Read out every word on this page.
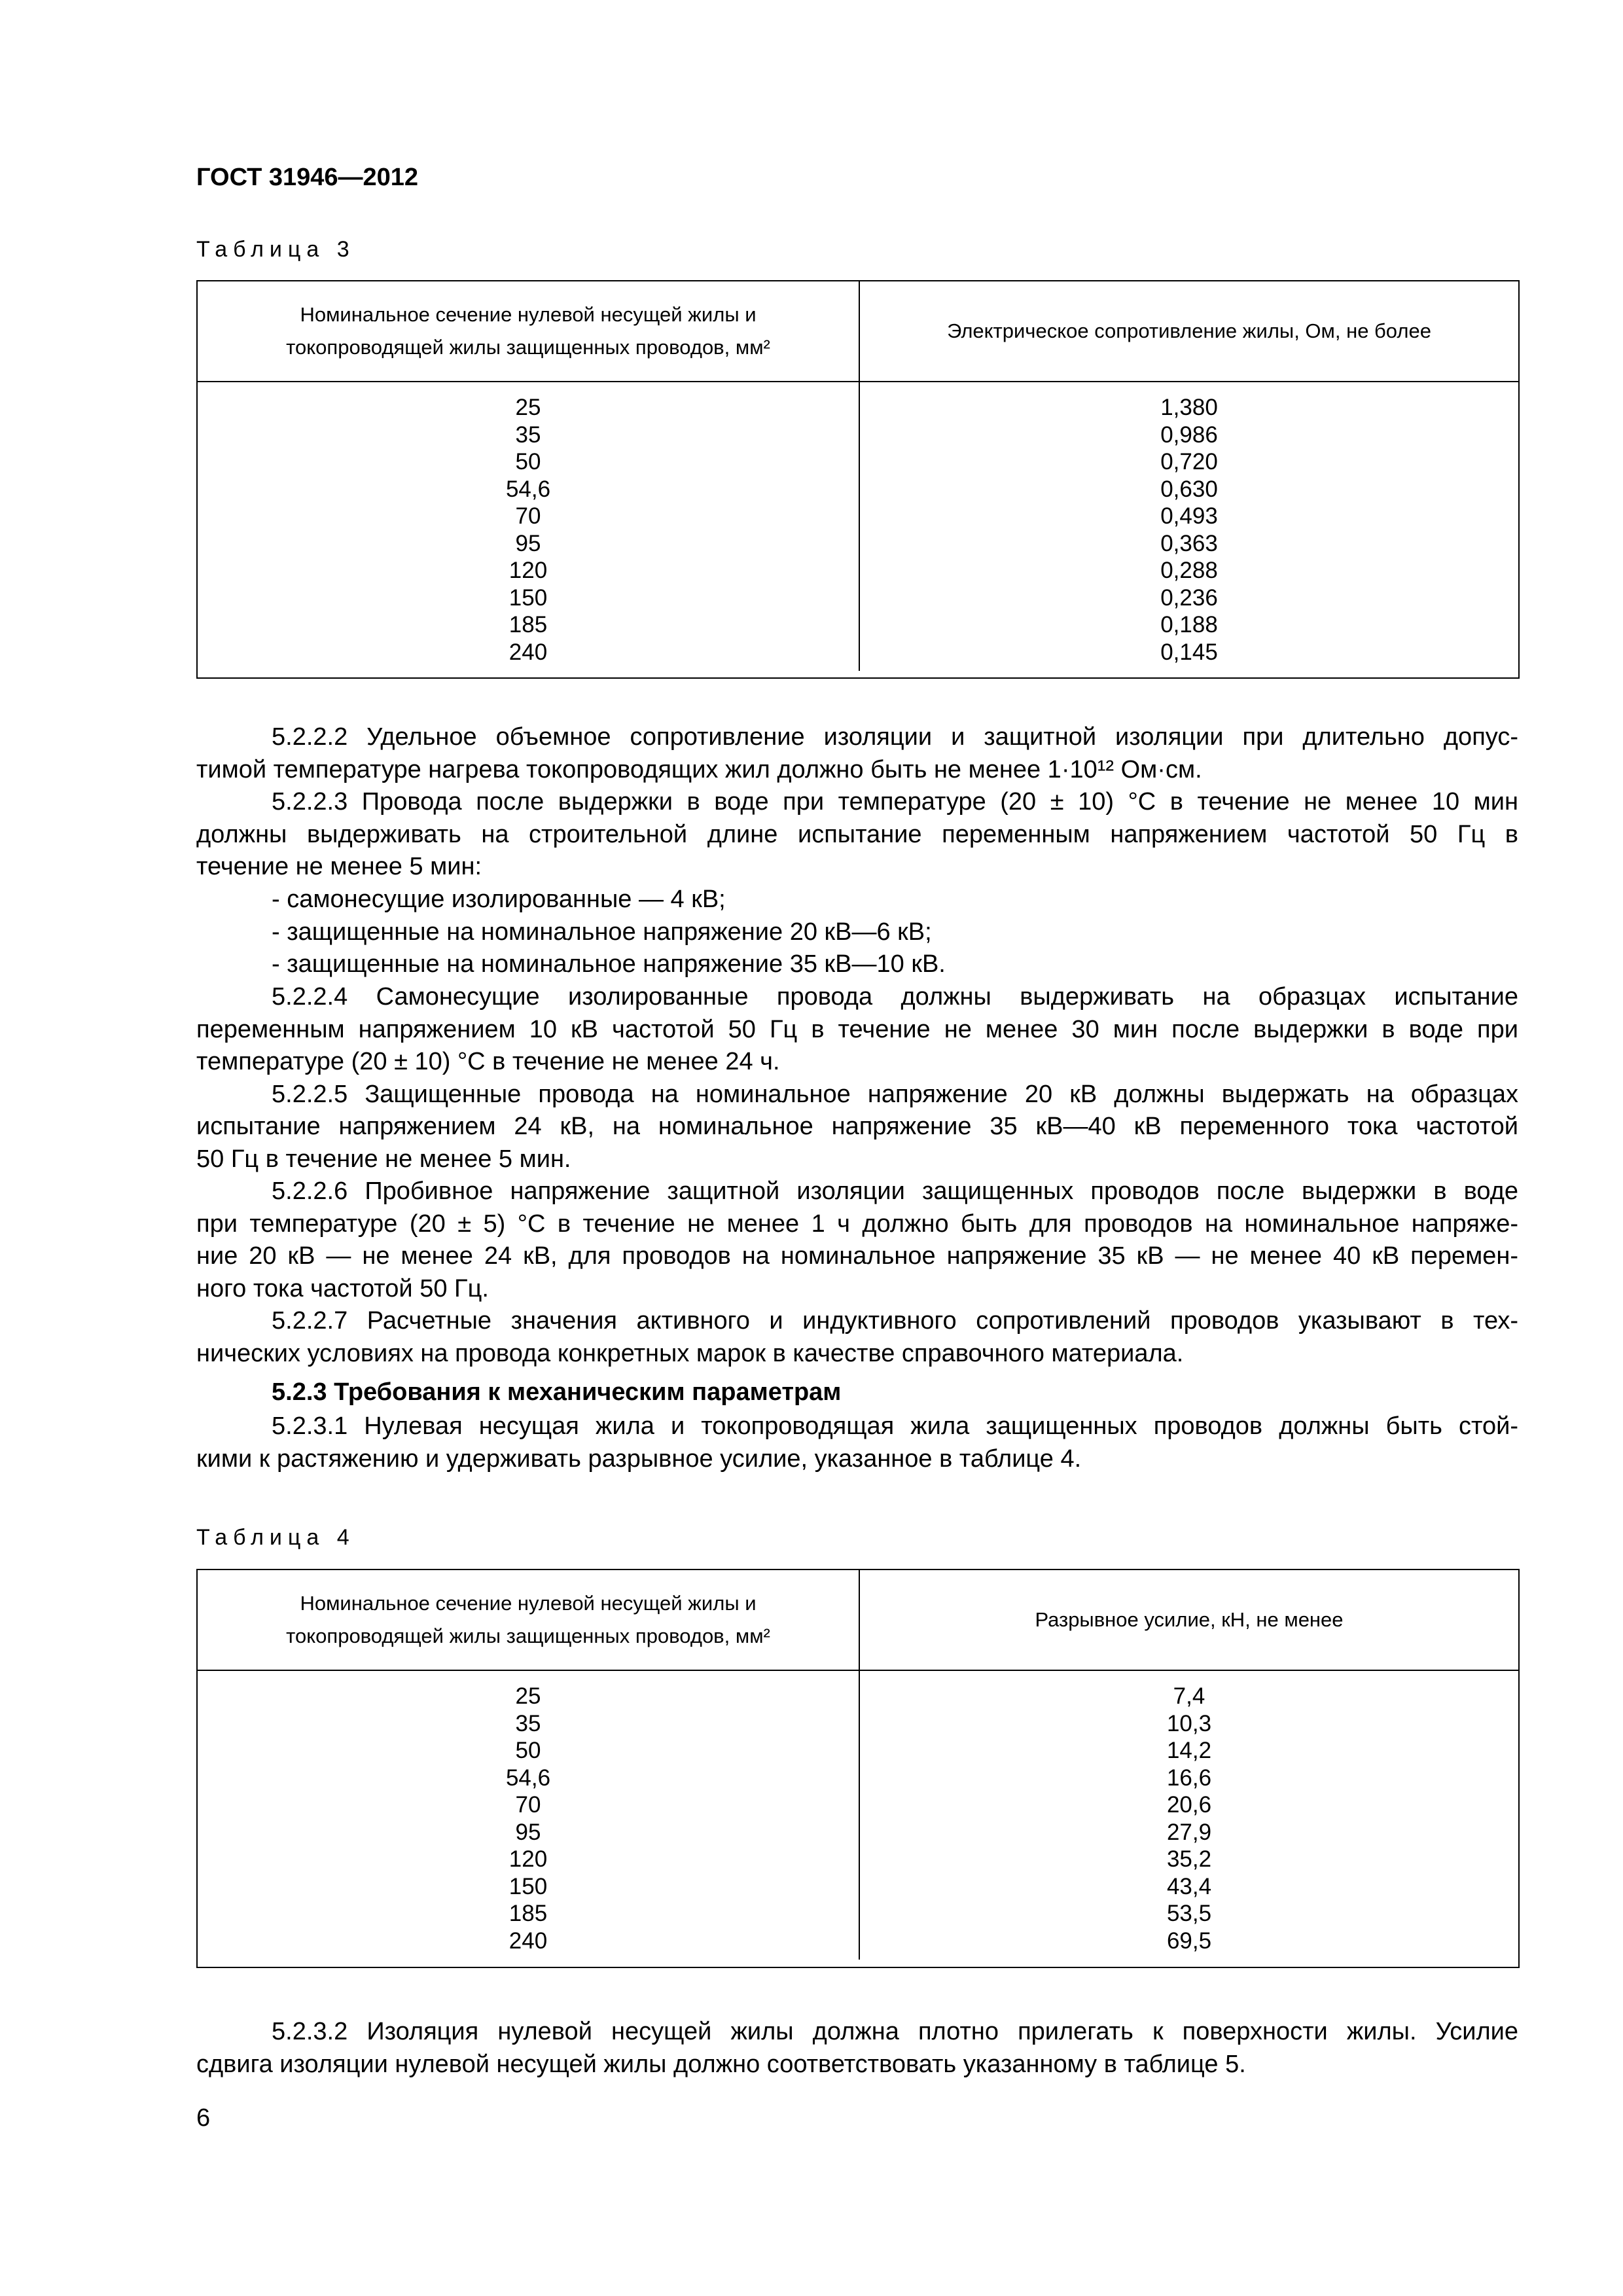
ГОСТ 31946—2012
Таблица 3
Номинальное сечение нулевой несущей жилы и
токопроводящей жилы защищенных проводов, мм²
Электрическое сопротивление жилы, Ом, не более
25
35
50
54,6
70
95
120
150
185
240
1,380
0,986
0,720
0,630
0,493
0,363
0,288
0,236
0,188
0,145
5.2.2.2 Удельное объемное сопротивление изоляции и защитной изоляции при длительно допус-
тимой температуре нагрева токопроводящих жил должно быть не менее 1·10¹² Ом·см.
5.2.2.3 Провода после выдержки в воде при температуре (20 ± 10) °С в течение не менее 10 мин
должны выдерживать на строительной длине испытание переменным напряжением частотой 50 Гц в
течение не менее 5 мин:
- самонесущие изолированные — 4 кВ;
- защищенные на номинальное напряжение 20 кВ—6 кВ;
- защищенные на номинальное напряжение 35 кВ—10 кВ.
5.2.2.4 Самонесущие изолированные провода должны выдерживать на образцах испытание
переменным напряжением 10 кВ частотой 50 Гц в течение не менее 30 мин после выдержки в воде при
температуре (20 ± 10) °С в течение не менее 24 ч.
5.2.2.5 Защищенные провода на номинальное напряжение 20 кВ должны выдержать на образцах
испытание напряжением 24 кВ, на номинальное напряжение 35 кВ—40 кВ переменного тока частотой
50 Гц в течение не менее 5 мин.
5.2.2.6 Пробивное напряжение защитной изоляции защищенных проводов после выдержки в воде
при температуре (20 ± 5) °С в течение не менее 1 ч должно быть для проводов на номинальное напряже-
ние 20 кВ — не менее 24 кВ, для проводов на номинальное напряжение 35 кВ — не менее 40 кВ перемен-
ного тока частотой 50 Гц.
5.2.2.7 Расчетные значения активного и индуктивного сопротивлений проводов указывают в тех-
нических условиях на провода конкретных марок в качестве справочного материала.
5.2.3 Требования к механическим параметрам
5.2.3.1 Нулевая несущая жила и токопроводящая жила защищенных проводов должны быть стой-
кими к растяжению и удерживать разрывное усилие, указанное в таблице 4.
Таблица 4
Номинальное сечение нулевой несущей жилы и
токопроводящей жилы защищенных проводов, мм²
Разрывное усилие, кН, не менее
25
35
50
54,6
70
95
120
150
185
240
7,4
10,3
14,2
16,6
20,6
27,9
35,2
43,4
53,5
69,5
5.2.3.2 Изоляция нулевой несущей жилы должна плотно прилегать к поверхности жилы. Усилие
сдвига изоляции нулевой несущей жилы должно соответствовать указанному в таблице 5.
6
